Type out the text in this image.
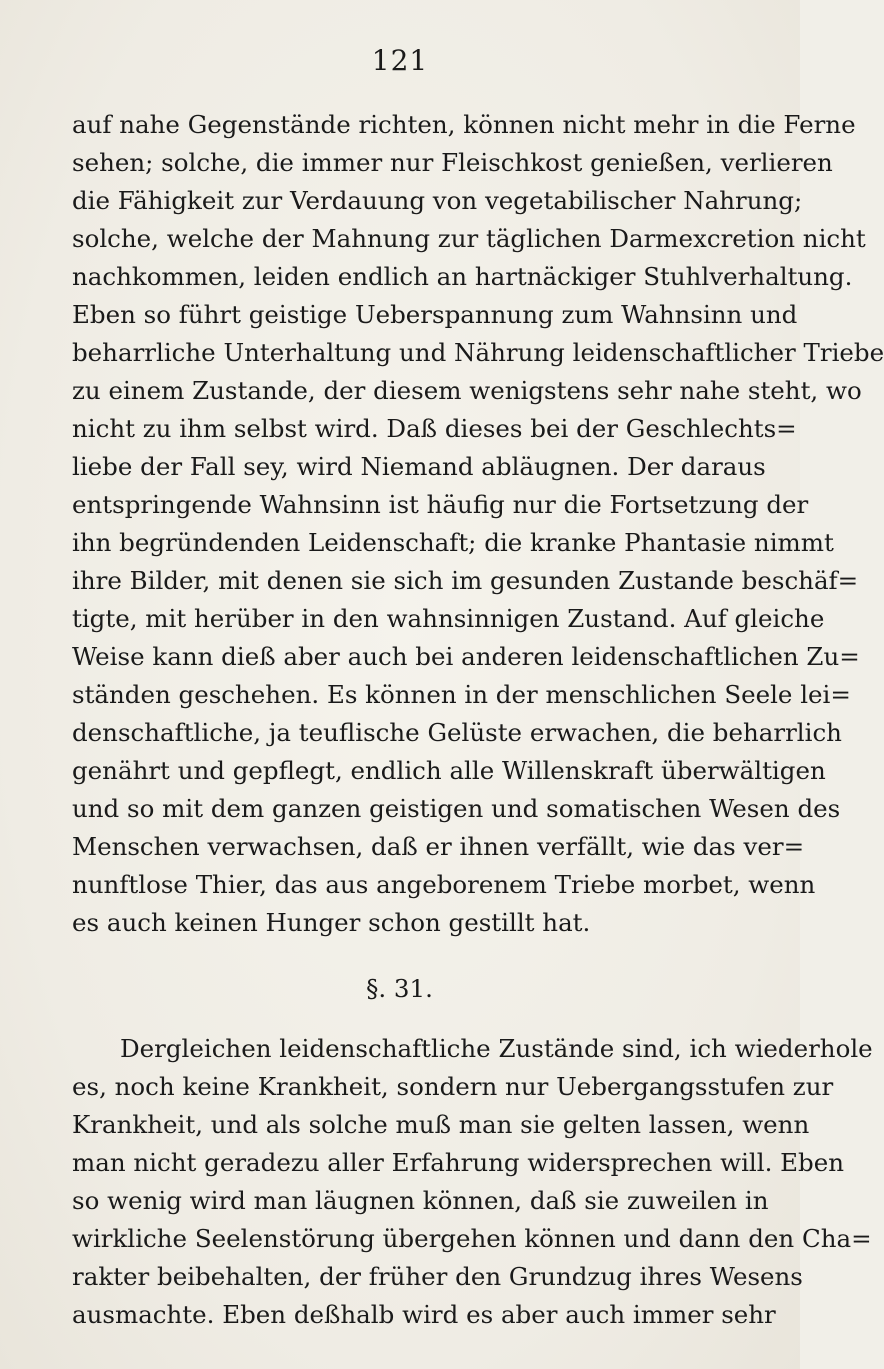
121
auf nahe Gegenstände richten, können nicht mehr in die Ferne
sehen; solche, die immer nur Fleischkost genießen, verlieren
die Fähigkeit zur Verdauung von vegetabilischer Nahrung;
solche, welche der Mahnung zur täglichen Darmexcretion nicht
nachkommen, leiden endlich an hartnäckiger Stuhlverhaltung.
Eben so führt geistige Ueberspannung zum Wahnsinn und
beharrliche Unterhaltung und Nährung leidenschaftlicher Triebe
zu einem Zustande, der diesem wenigstens sehr nahe steht, wo
nicht zu ihm selbst wird. Daß dieses bei der Geschlechts=
liebe der Fall sey, wird Niemand abläugnen. Der daraus
entspringende Wahnsinn ist häufig nur die Fortsetzung der
ihn begründenden Leidenschaft; die kranke Phantasie nimmt
ihre Bilder, mit denen sie sich im gesunden Zustande beschäf=
tigte, mit herüber in den wahnsinnigen Zustand. Auf gleiche
Weise kann dieß aber auch bei anderen leidenschaftlichen Zu=
ständen geschehen. Es können in der menschlichen Seele lei=
denschaftliche, ja teuflische Gelüste erwachen, die beharrlich
genährt und gepflegt, endlich alle Willenskraft überwältigen
und so mit dem ganzen geistigen und somatischen Wesen des
Menschen verwachsen, daß er ihnen verfällt, wie das ver=
nunftlose Thier, das aus angeborenem Triebe morbet, wenn
es auch keinen Hunger schon gestillt hat.
§. 31.
Dergleichen leidenschaftliche Zustände sind, ich wiederhole
es, noch keine Krankheit, sondern nur Uebergangsstufen zur
Krankheit, und als solche muß man sie gelten lassen, wenn
man nicht geradezu aller Erfahrung widersprechen will. Eben
so wenig wird man läugnen können, daß sie zuweilen in
wirkliche Seelenstörung übergehen können und dann den Cha=
rakter beibehalten, der früher den Grundzug ihres Wesens
ausmachte. Eben deßhalb wird es aber auch immer sehr
